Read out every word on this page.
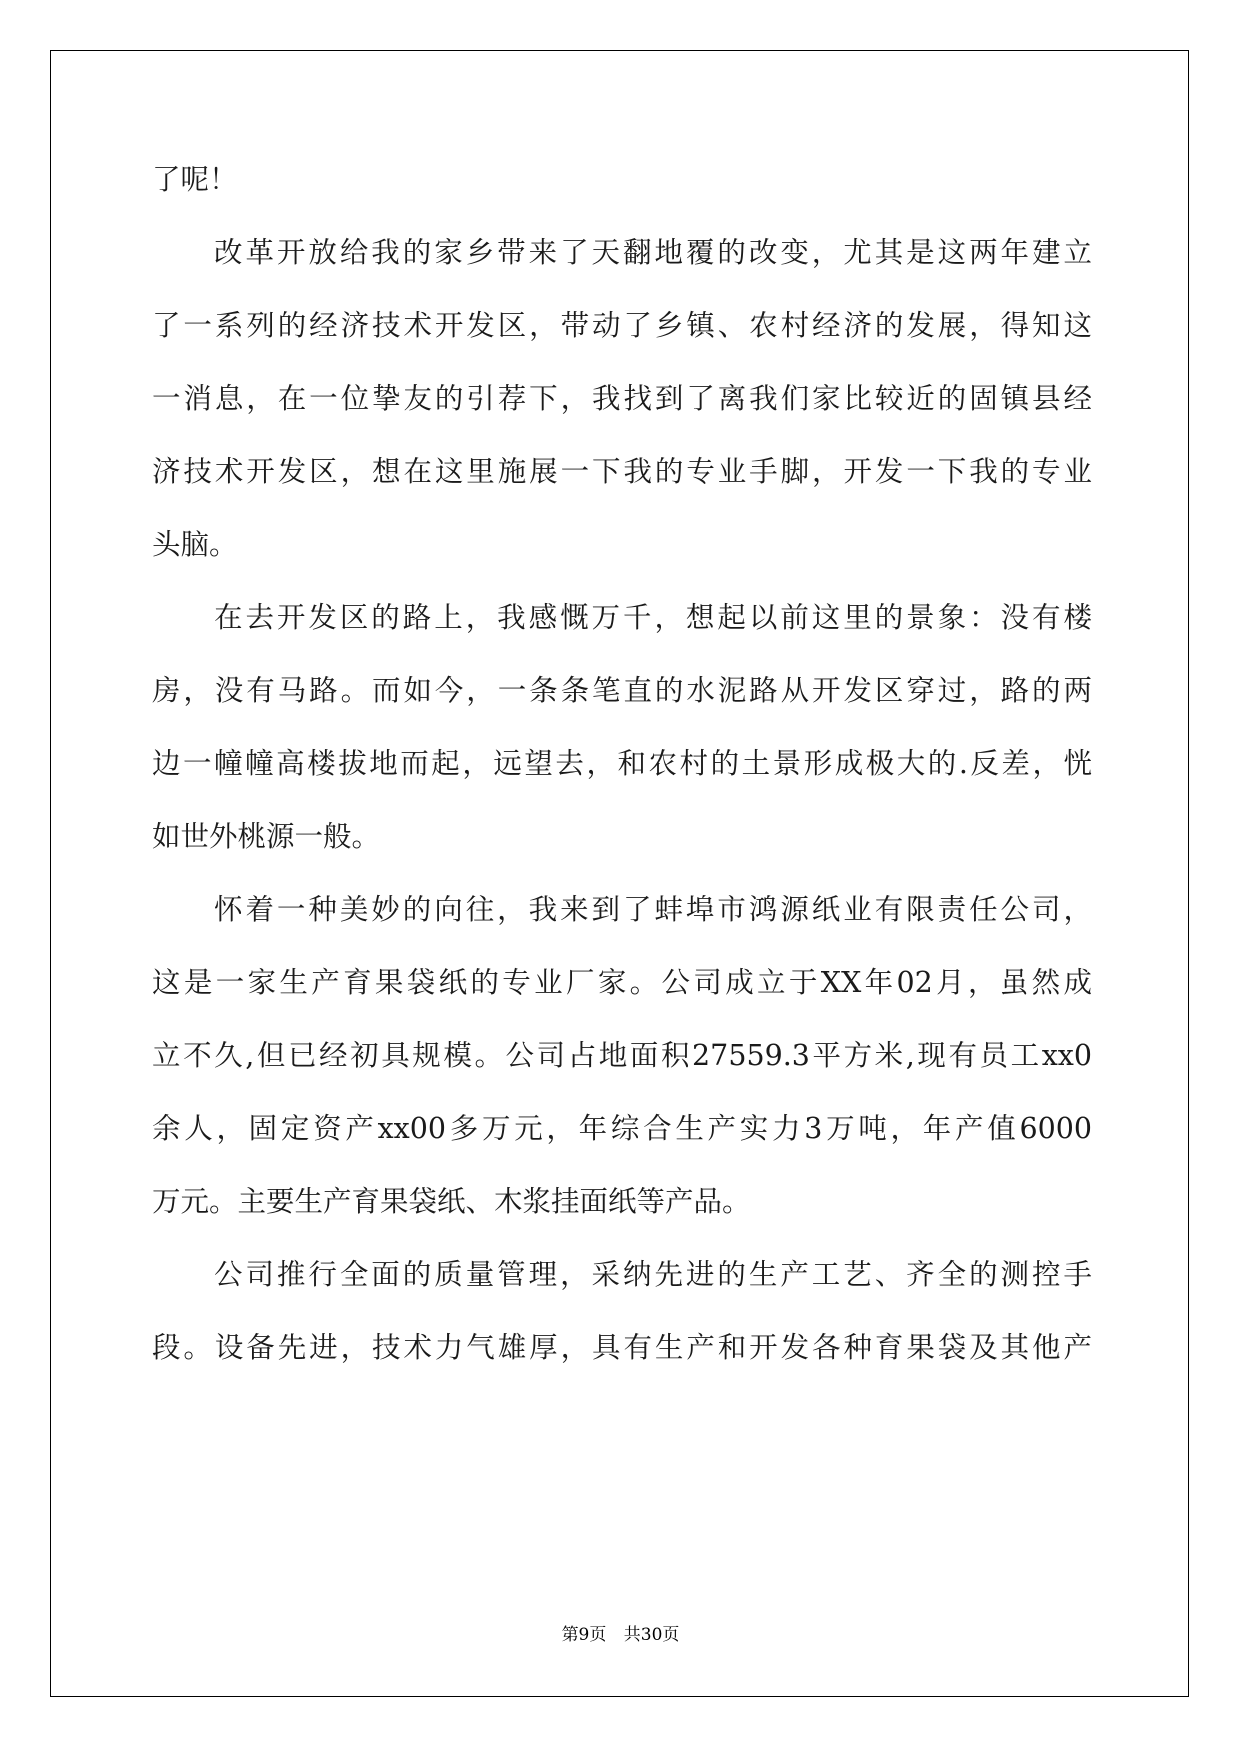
了呢！
改革开放给我的家乡带来了天翻地覆的改变，尤其是这两年建立
了一系列的经济技术开发区，带动了乡镇、农村经济的发展，得知这
一消息，在一位挚友的引荐下，我找到了离我们家比较近的固镇县经
济技术开发区，想在这里施展一下我的专业手脚，开发一下我的专业
头脑。
在去开发区的路上，我感慨万千，想起以前这里的景象：没有楼
房，没有马路。而如今，一条条笔直的水泥路从开发区穿过，路的两
边一幢幢高楼拔地而起，远望去，和农村的土景形成极大的.反差，恍
如世外桃源一般。
怀着一种美妙的向往，我来到了蚌埠市鸿源纸业有限责任公司，
这是一家生产育果袋纸的专业厂家。公司成立于XX年02月，虽然成
立不久,但已经初具规模。公司占地面积27559.3平方米,现有员工xx0
余人，固定资产xx00多万元，年综合生产实力3万吨，年产值6000
万元。主要生产育果袋纸、木浆挂面纸等产品。
公司推行全面的质量管理，采纳先进的生产工艺、齐全的测控手
段。设备先进，技术力气雄厚，具有生产和开发各种育果袋及其他产
第9页 共30页
